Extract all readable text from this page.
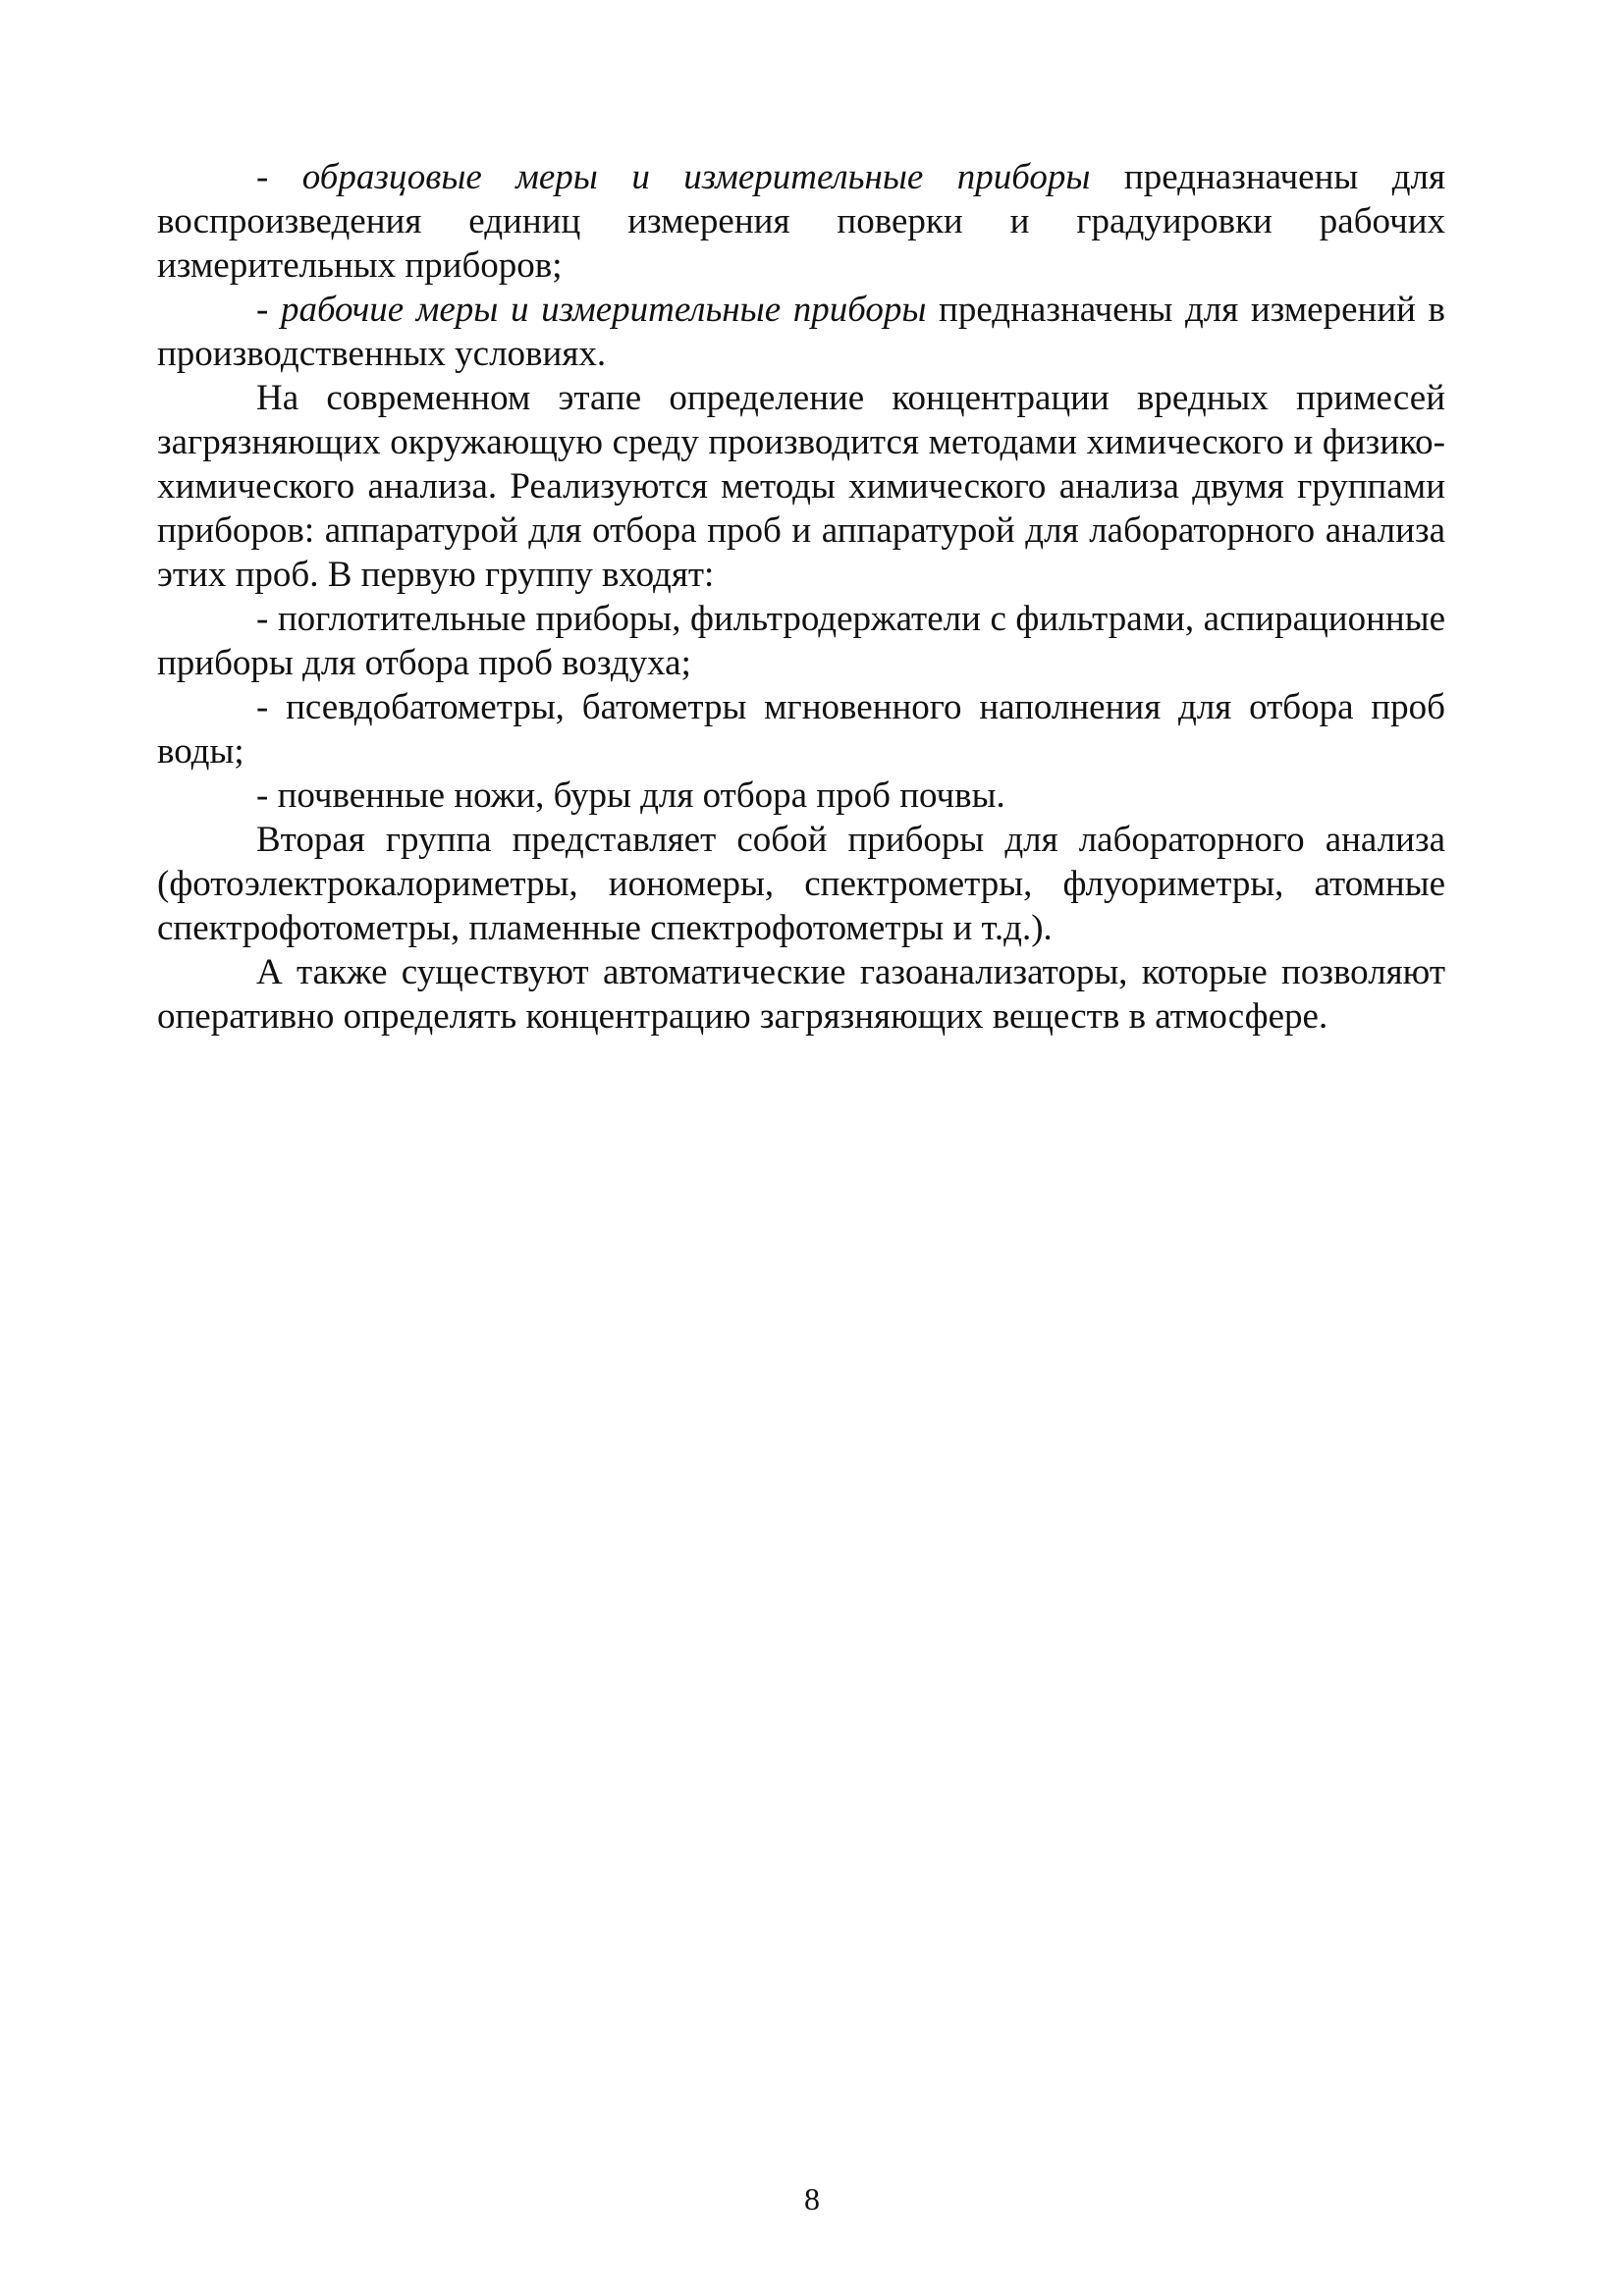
- образцовые меры и измерительные приборы предназначены для воспроизведения единиц измерения поверки и градуировки рабочих измерительных приборов;

- рабочие меры и измерительные приборы предназначены для измерений в производственных условиях.

На современном этапе определение концентрации вредных примесей загрязняющих окружающую среду производится методами химического и физико-химического анализа. Реализуются методы химического анализа двумя группами приборов: аппаратурой для отбора проб и аппаратурой для лабораторного анализа этих проб. В первую группу входят:

- поглотительные приборы, фильтродержатели с фильтрами, аспирационные приборы для отбора проб воздуха;

- псевдобатометры, батометры мгновенного наполнения для отбора проб воды;

- почвенные ножи, буры для отбора проб почвы.

Вторая группа представляет собой приборы для лабораторного анализа (фотоэлектрокалориметры, иономеры, спектрометры, флуориметры, атомные спектрофотометры, пламенные спектрофотометры и т.д.).

А также существуют автоматические газоанализаторы, которые позволяют оперативно определять концентрацию загрязняющих веществ в атмосфере.

8
